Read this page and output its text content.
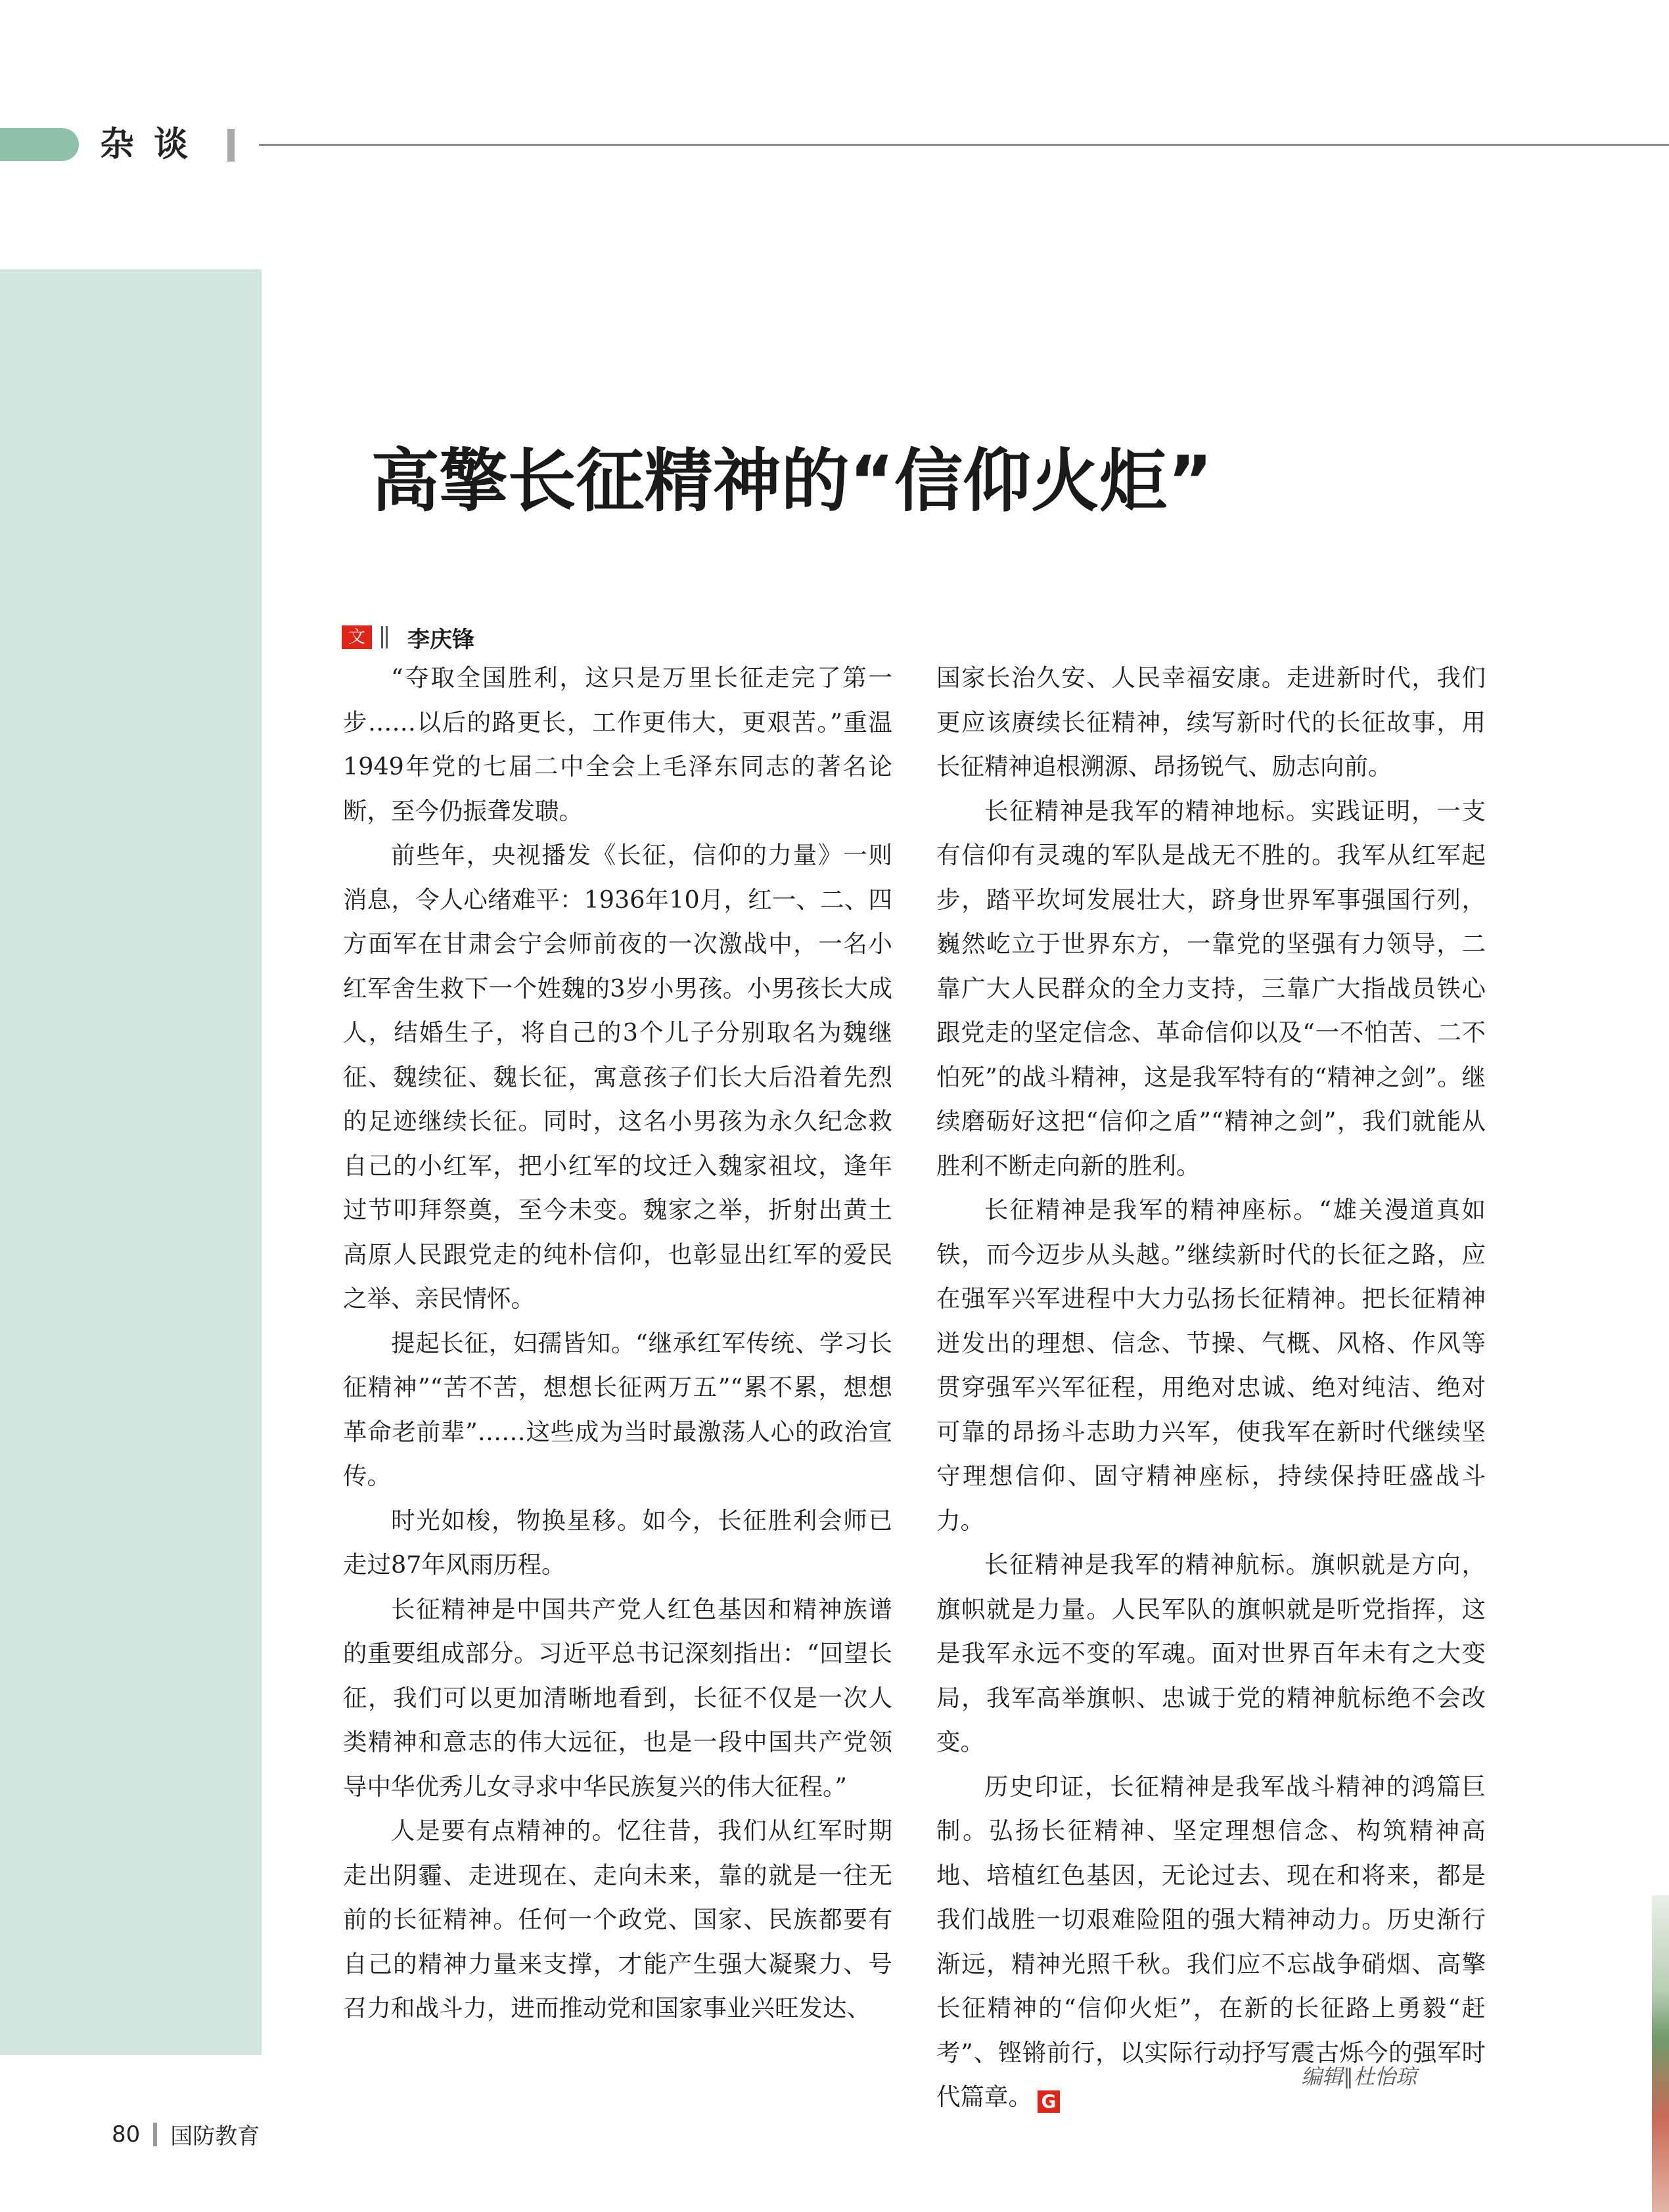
杂谈
高擎长征精神的“信仰火炬”
文 李庆锋

“夺取全国胜利，这只是万里长征走完了第一步……以后的路更长，工作更伟大，更艰苦。”重温1949年党的七届二中全会上毛泽东同志的著名论断，至今仍振聋发聩。

前些年，央视播发《长征，信仰的力量》一则消息，令人心绪难平：1936年10月，红一、二、四方面军在甘肃会宁会师前夜的一次激战中，一名小红军舍生救下一个姓魏的3岁小男孩。小男孩长大成人，结婚生子，将自己的3个儿子分别取名为魏继征、魏续征、魏长征，寓意孩子们长大后沿着先烈的足迹继续长征。同时，这名小男孩为永久纪念救自己的小红军，把小红军的坟迁入魏家祖坟，逢年过节叩拜祭奠，至今未变。魏家之举，折射出黄土高原人民跟党走的纯朴信仰，也彰显出红军的爱民之举、亲民情怀。

提起长征，妇孺皆知。“继承红军传统、学习长征精神”“苦不苦，想想长征两万五”“累不累，想想革命老前辈”……这些成为当时最激荡人心的政治宣传。

时光如梭，物换星移。如今，长征胜利会师已走过87年风雨历程。

长征精神是中国共产党人红色基因和精神族谱的重要组成部分。习近平总书记深刻指出：“回望长征，我们可以更加清晰地看到，长征不仅是一次人类精神和意志的伟大远征，也是一段中国共产党领导中华优秀儿女寻求中华民族复兴的伟大征程。”

人是要有点精神的。忆往昔，我们从红军时期走出阴霾、走进现在、走向未来，靠的就是一往无前的长征精神。任何一个政党、国家、民族都要有自己的精神力量来支撑，才能产生强大凝聚力、号召力和战斗力，进而推动党和国家事业兴旺发达、

国家长治久安、人民幸福安康。走进新时代，我们更应该赓续长征精神，续写新时代的长征故事，用长征精神追根溯源、昂扬锐气、励志向前。

长征精神是我军的精神地标。实践证明，一支有信仰有灵魂的军队是战无不胜的。我军从红军起步，踏平坎坷发展壮大，跻身世界军事强国行列，巍然屹立于世界东方，一靠党的坚强有力领导，二靠广大人民群众的全力支持，三靠广大指战员铁心跟党走的坚定信念、革命信仰以及“一不怕苦、二不怕死”的战斗精神，这是我军特有的“精神之剑”。继续磨砺好这把“信仰之盾”“精神之剑”，我们就能从胜利不断走向新的胜利。

长征精神是我军的精神座标。“雄关漫道真如铁，而今迈步从头越。”继续新时代的长征之路，应在强军兴军进程中大力弘扬长征精神。把长征精神迸发出的理想、信念、节操、气概、风格、作风等贯穿强军兴军征程，用绝对忠诚、绝对纯洁、绝对可靠的昂扬斗志助力兴军，使我军在新时代继续坚守理想信仰、固守精神座标，持续保持旺盛战斗力。

长征精神是我军的精神航标。旗帜就是方向，旗帜就是力量。人民军队的旗帜就是听党指挥，这是我军永远不变的军魂。面对世界百年未有之大变局，我军高举旗帜、忠诚于党的精神航标绝不会改变。

历史印证，长征精神是我军战斗精神的鸿篇巨制。弘扬长征精神、坚定理想信念、构筑精神高地、培植红色基因，无论过去、现在和将来，都是我们战胜一切艰难险阻的强大精神动力。历史渐行渐远，精神光照千秋。我们应不忘战争硝烟、高擎长征精神的“信仰火炬”，在新的长征路上勇毅“赶考”、铿锵前行，以实际行动抒写震古烁今的强军时代篇章。 G

编辑∥杜怡琼
80 国防教育
